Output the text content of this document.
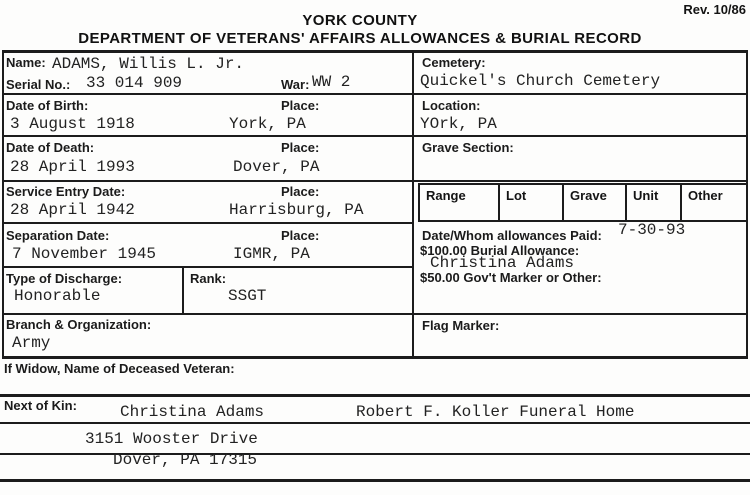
Rev. 10/86
YORK COUNTY
DEPARTMENT OF VETERANS' AFFAIRS ALLOWANCES & BURIAL RECORD
Name: ADAMS, Willis L. Jr.
Serial No.: 33 014 909	War: WW 2
Date of Birth:	Place:
3 August 1918	York, PA
Date of Death:	Place:
28 April 1993	Dover, PA
Service Entry Date:	Place:
28 April 1942	Harrisburg, PA
Separation Date:	Place:
7 November 1945	IGMR, PA
Type of Discharge:
Honorable
Rank:
SSGT
Branch & Organization:
Army
Cemetery:
Quickel's Church Cemetery
Location:
YOrk, PA
Grave Section:
Range	Lot	Grave	Unit	Other
Date/Whom allowances Paid: 7-30-93
$100.00 Burial Allowance:
Christina Adams
$50.00 Gov't Marker or Other:
Flag Marker:
If Widow, Name of Deceased Veteran:
Next of Kin:	Christina Adams	Robert F. Koller Funeral Home
3151 Wooster Drive
Dover, PA 17315
